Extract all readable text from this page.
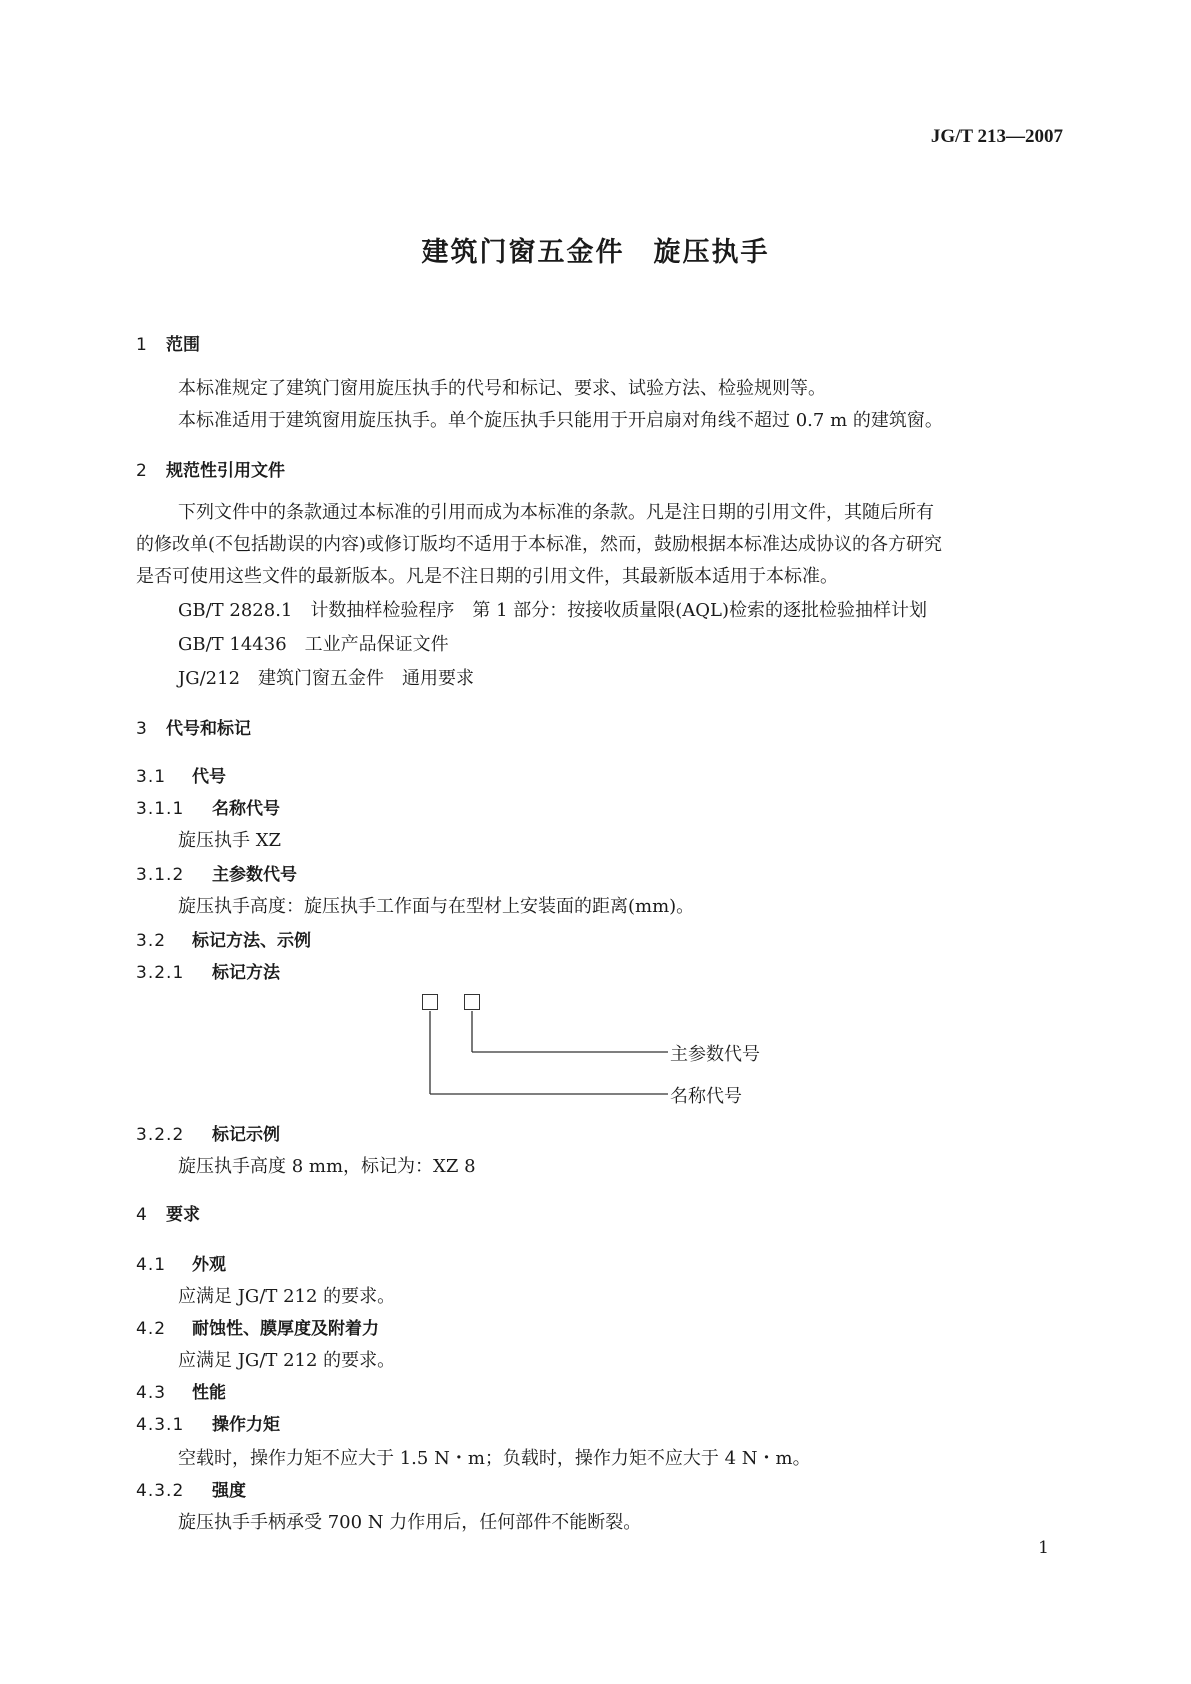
JG/T 213—2007
建筑门窗五金件　旋压执手
1 范围
本标准规定了建筑门窗用旋压执手的代号和标记、要求、试验方法、检验规则等。
本标准适用于建筑窗用旋压执手。单个旋压执手只能用于开启扇对角线不超过 0.7 m 的建筑窗。
2 规范性引用文件
下列文件中的条款通过本标准的引用而成为本标准的条款。凡是注日期的引用文件，其随后所有
的修改单(不包括勘误的内容)或修订版均不适用于本标准，然而，鼓励根据本标准达成协议的各方研究
是否可使用这些文件的最新版本。凡是不注日期的引用文件，其最新版本适用于本标准。
GB/T 2828.1　计数抽样检验程序　第 1 部分：按接收质量限(AQL)检索的逐批检验抽样计划
GB/T 14436　工业产品保证文件
JG/212　建筑门窗五金件　通用要求
3 代号和标记
3.1 代号
3.1.1 名称代号
旋压执手 XZ
3.1.2 主参数代号
旋压执手高度：旋压执手工作面与在型材上安装面的距离(mm)。
3.2 标记方法、示例
3.2.1 标记方法
主参数代号
名称代号
3.2.2 标记示例
旋压执手高度 8 mm，标记为：XZ 8
4 要求
4.1 外观
应满足 JG/T 212 的要求。
4.2 耐蚀性、膜厚度及附着力
应满足 JG/T 212 的要求。
4.3 性能
4.3.1 操作力矩
空载时，操作力矩不应大于 1.5 N・m；负载时，操作力矩不应大于 4 N・m。
4.3.2 强度
旋压执手手柄承受 700 N 力作用后，任何部件不能断裂。
1
